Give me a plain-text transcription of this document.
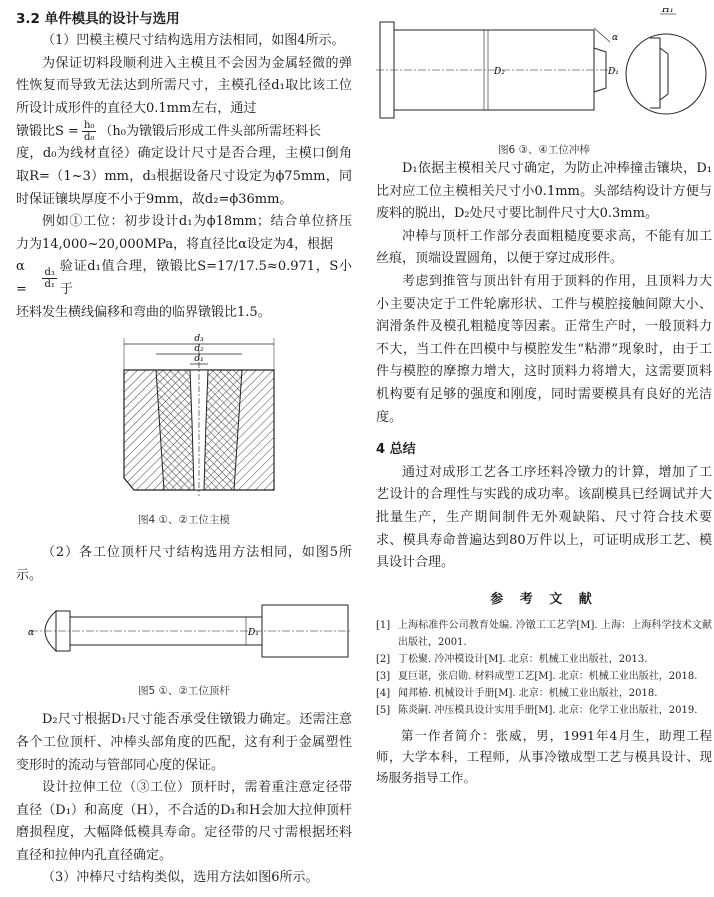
3.2 单件模具的设计与选用

（1）凹模主模尺寸结构选用方法相同，如图4所示。

为保证切料段顺利进入主模且不会因为金属轻微的弹性恢复而导致无法达到所需尺寸，主模孔径d₁取比该工位所设计成形件的直径大0.1mm左右，通过

镦锻比$S = \frac{\text{h₀}}{\text{d₀}} (h_0$为镦锻后形成工件头部所需坯料长

度，d₀为线材直径）确定设计尺寸是否合理，主模口倒角取R=（1~3）mm，d₃根据设备尺寸设定为ϕ75mm，同时保证镶块厚度不小于9mm，故d₂=ϕ36mm。

例如①工位：初步设计d₁为ϕ18mm；结合单位挤压力为14,000~20,000MPa，将直径比α设定为4，根据

α =	$\frac{\text{d₃}}{\text{d₁}}$
验证d₁值合理，镦锻比S=17/17.5≈0.971，S小于

坯料发生横线偏移和弯曲的临界镦锻比1.5。

d₃
d₂
d₁
图4 ①、②工位主模

（2）各工位顶杆尺寸结构选用方法相同，如图5所示。

α	D₁
图5 ①、②工位顶杆

D₂尺寸根据D₁尺寸能否承受住镦锻力确定。还需注意各个工位顶杆、冲棒头部角度的匹配，这有利于金属塑性变形时的流动与管部同心度的保证。

设计拉伸工位（③工位）顶杆时，需着重注意定径带直径（D₁）和高度（H），不合适的D₁和H会加大拉伸顶杆磨损程度，大幅降低模具寿命。定径带的尺寸需根据坯料直径和拉伸内孔直径确定。

（3）冲棒尺寸结构类似，选用方法如图6所示。

α
D₂	D₁
H₁
图6 ③、④工位冲棒

D₁依据主模相关尺寸确定，为防止冲棒撞击镶块，D₁比对应工位主模相关尺寸小0.1mm。头部结构设计方便与废料的脱出，D₂处尺寸要比制件尺寸大0.3mm。

冲棒与顶杆工作部分表面粗糙度要求高，不能有加工丝痕，顶端设置圆角，以便于穿过成形件。

考虑到推管与顶出针有用于顶料的作用，且顶料力大小主要决定于工件轮廓形状、工件与模腔接触间隙大小、润滑条件及模孔粗糙度等因素。正常生产时，一般顶料力不大，当工件在凹模中与模腔发生“粘滞”现象时，由于工件与模腔的摩擦力增大，这时顶料力将增大，这需要顶料机构要有足够的强度和刚度，同时需要模具有良好的光洁度。

4 总结

通过对成形工艺各工序坯料冷镦力的计算，增加了工艺设计的合理性与实践的成功率。该副模具已经调试并大批量生产，生产期间制件无外观缺陷、尺寸符合技术要求、模具寿命普遍达到80万件以上，可证明成形工艺、模具设计合理。

参 考 文 献
[1] 上海标准件公司教育处编. 冷镦工工艺学[M]. 上海：上海科学技术文献出版社，2001.
[2] 丁松聚. 冷冲模设计[M]. 北京：机械工业出版社，2013.
[3] 夏巨谌，张启勋. 材料成型工艺[M]. 北京：机械工业出版社，2018.
[4] 闻邦椿. 机械设计手册[M]. 北京：机械工业出版社，2018.
[5] 陈炎嗣. 冲压模具设计实用手册[M]. 北京：化学工业出版社，2019.

第一作者简介：张威，男，1991年4月生，助理工程师，大学本科，工程师，从事冷镦成型工艺与模具设计、现场服务指导工作。
